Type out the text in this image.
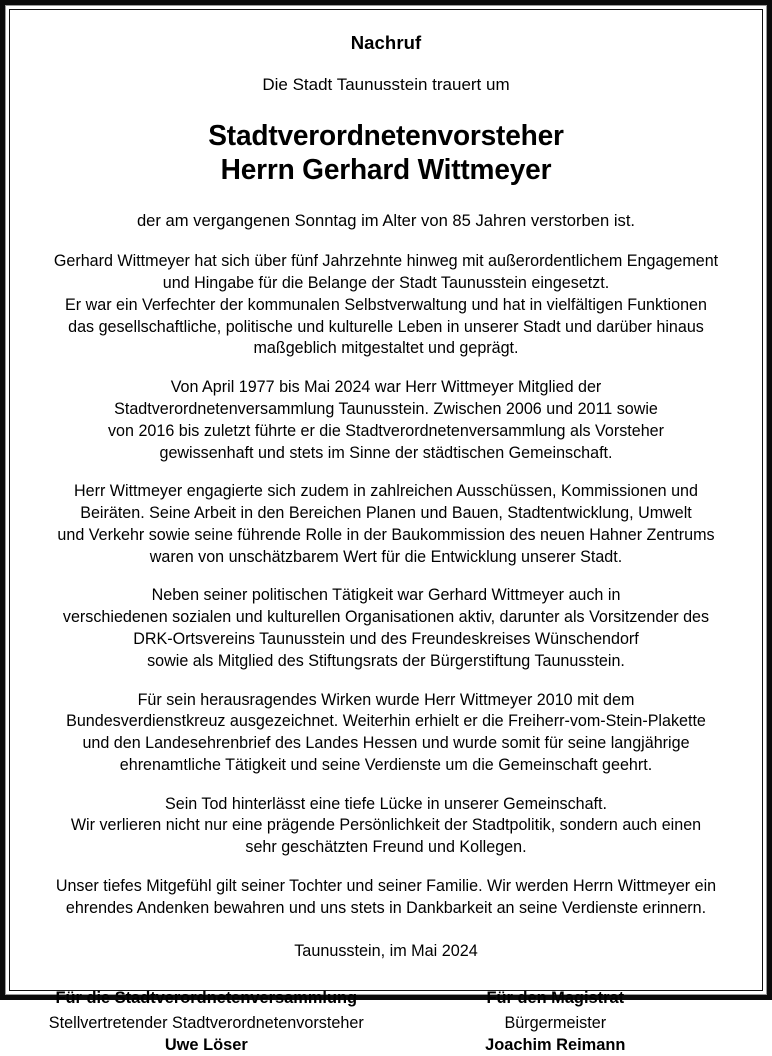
Nachruf

Die Stadt Taunusstein trauert um

Stadtverordnetenvorsteher
Herrn Gerhard Wittmeyer

der am vergangenen Sonntag im Alter von 85 Jahren verstorben ist.

Gerhard Wittmeyer hat sich über fünf Jahrzehnte hinweg mit außerordentlichem Engagement
und Hingabe für die Belange der Stadt Taunusstein eingesetzt.
Er war ein Verfechter der kommunalen Selbstverwaltung und hat in vielfältigen Funktionen
das gesellschaftliche, politische und kulturelle Leben in unserer Stadt und darüber hinaus
maßgeblich mitgestaltet und geprägt.

Von April 1977 bis Mai 2024 war Herr Wittmeyer Mitglied der
Stadtverordnetenversammlung Taunusstein. Zwischen 2006 und 2011 sowie
von 2016 bis zuletzt führte er die Stadtverordnetenversammlung als Vorsteher
gewissenhaft und stets im Sinne der städtischen Gemeinschaft.

Herr Wittmeyer engagierte sich zudem in zahlreichen Ausschüssen, Kommissionen und
Beiräten. Seine Arbeit in den Bereichen Planen und Bauen, Stadtentwicklung, Umwelt
und Verkehr sowie seine führende Rolle in der Baukommission des neuen Hahner Zentrums
waren von unschätzbarem Wert für die Entwicklung unserer Stadt.

Neben seiner politischen Tätigkeit war Gerhard Wittmeyer auch in
verschiedenen sozialen und kulturellen Organisationen aktiv, darunter als Vorsitzender des
DRK-Ortsvereins Taunusstein und des Freundeskreises Wünschendorf
sowie als Mitglied des Stiftungsrats der Bürgerstiftung Taunusstein.

Für sein herausragendes Wirken wurde Herr Wittmeyer 2010 mit dem
Bundesverdienstkreuz ausgezeichnet. Weiterhin erhielt er die Freiherr-vom-Stein-Plakette
und den Landesehrenbrief des Landes Hessen und wurde somit für seine langjährige
ehrenamtliche Tätigkeit und seine Verdienste um die Gemeinschaft geehrt.

Sein Tod hinterlässt eine tiefe Lücke in unserer Gemeinschaft.
Wir verlieren nicht nur eine prägende Persönlichkeit der Stadtpolitik, sondern auch einen
sehr geschätzten Freund und Kollegen.

Unser tiefes Mitgefühl gilt seiner Tochter und seiner Familie. Wir werden Herrn Wittmeyer ein
ehrendes Andenken bewahren und uns stets in Dankbarkeit an seine Verdienste erinnern.

Taunusstein, im Mai 2024

Für die Stadtverordnetenversammlung
Stellvertretender Stadtverordnetenvorsteher
Uwe Löser
Für den Magistrat
Bürgermeister
Joachim Reimann
